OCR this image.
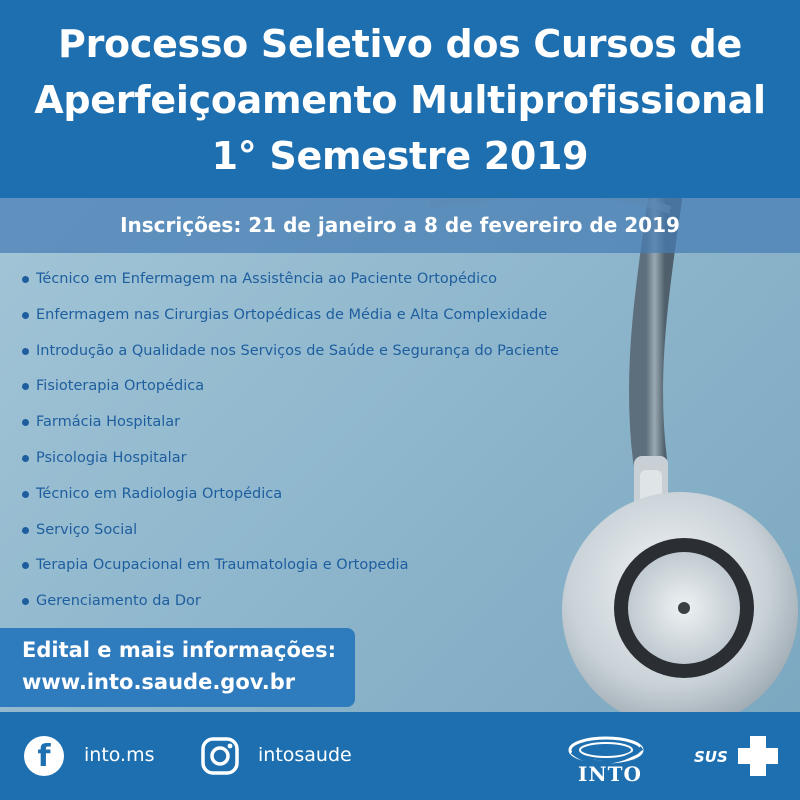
Processo Seletivo dos Cursos de
Aperfeiçoamento Multiprofissional
1° Semestre 2019
Inscrições: 21 de janeiro a 8 de fevereiro de 2019
Técnico em Enfermagem na Assistência ao Paciente Ortopédico
Enfermagem nas Cirurgias Ortopédicas de Média e Alta Complexidade
Introdução a Qualidade nos Serviços de Saúde e Segurança do Paciente
Fisioterapia Ortopédica
Farmácia Hospitalar
Psicologia Hospitalar
Técnico em Radiologia Ortopédica
Serviço Social
Terapia Ocupacional em Traumatologia e Ortopedia
Gerenciamento da Dor
Edital e mais informações:
www.into.saude.gov.br
f	into.ms	intosaude
INTO
SUS
